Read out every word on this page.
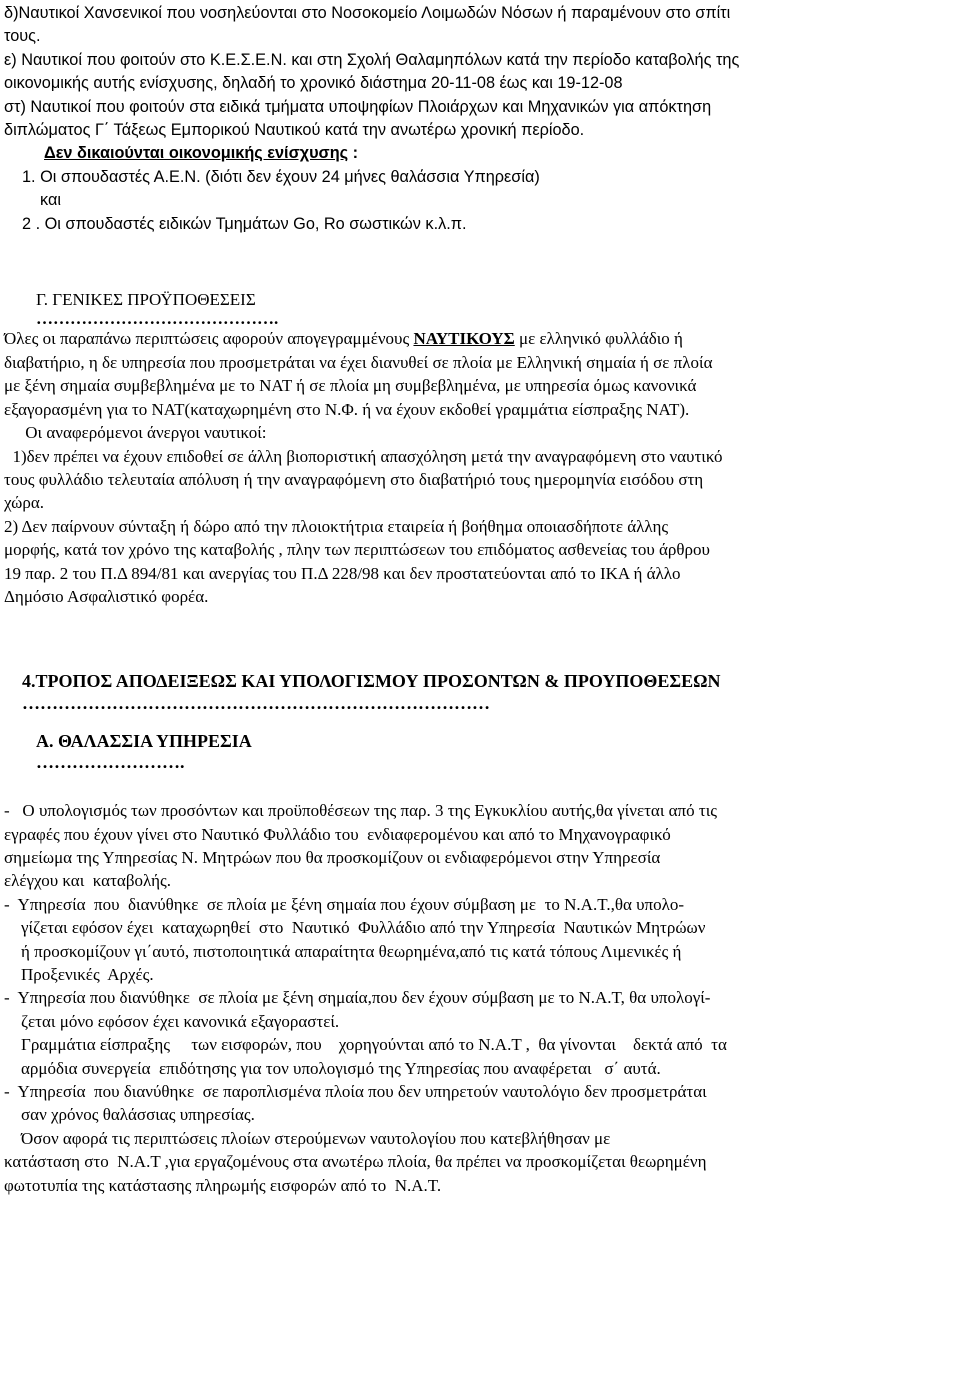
δ)Ναυτικοί Χανσενικοί που νοσηλεύονται στο Νοσοκομείο Λοιμωδών Νόσων ή παραμένουν στο σπίτι
τους.
ε) Ναυτικοί που φοιτούν στο Κ.Ε.Σ.Ε.Ν. και στη Σχολή Θαλαμηπόλων κατά την περίοδο καταβολής της
οικονομικής αυτής ενίσχυσης, δηλαδή το χρονικό διάστημα 20-11-08 έως και 19-12-08
στ) Ναυτικοί που φοιτούν στα ειδικά τμήματα υποψηφίων Πλοιάρχων και Μηχανικών για απόκτηση
διπλώματος Γ΄ Τάξεως Εμπορικού Ναυτικού κατά την ανωτέρω χρονική περίοδο.
Δεν δικαιούνται οικονομικής ενίσχυσης :
1. Οι σπουδαστές Α.Ε.Ν. (διότι δεν έχουν 24 μήνες θαλάσσια Υπηρεσία)
και
2 . Οι σπουδαστές ειδικών Τμημάτων Go, Ro σωστικών κ.λ.π.
Γ. ΓΕΝΙΚΕΣ ΠΡΟΫΠΟΘΕΣΕΙΣ
…………………………………….
Όλες οι παραπάνω περιπτώσεις αφορούν απογεγραμμένους ΝΑΥΤΙΚΟΥΣ με ελληνικό φυλλάδιο ή
διαβατήριο, η δε υπηρεσία που προσμετράται να έχει διανυθεί σε πλοία με Ελληνική σημαία ή σε πλοία
με ξένη σημαία συμβεβλημένα με το ΝΑΤ ή σε πλοία μη συμβεβλημένα, με υπηρεσία όμως κανονικά
εξαγορασμένη για το ΝΑΤ(καταχωρημένη στο Ν.Φ. ή να έχουν εκδοθεί γραμμάτια είσπραξης ΝΑΤ).
Οι αναφερόμενοι άνεργοι ναυτικοί:
1)δεν πρέπει να έχουν επιδοθεί σε άλλη βιοποριστική απασχόληση μετά την αναγραφόμενη στο ναυτικό
τους φυλλάδιο τελευταία απόλυση ή την αναγραφόμενη στο διαβατήριό τους ημερομηνία εισόδου στη
χώρα.
2) Δεν παίρνουν σύνταξη ή δώρο από την πλοιοκτήτρια εταιρεία ή βοήθημα οποιασδήποτε άλλης
μορφής, κατά τον χρόνο της καταβολής , πλην των περιπτώσεων του επιδόματος ασθενείας του άρθρου
19 παρ. 2 του Π.Δ 894/81 και ανεργίας του Π.Δ 228/98 και δεν προστατεύονται από το ΙΚΑ ή άλλο
Δημόσιο Ασφαλιστικό φορέα.
4.ΤΡΟΠΟΣ ΑΠΟΔΕΙΞΕΩΣ ΚΑΙ ΥΠΟΛΟΓΙΣΜΟΥ ΠΡΟΣΟΝΤΩΝ & ΠΡΟΥΠΟΘΕΣΕΩΝ
……………………………………………………………………
Α. ΘΑΛΑΣΣΙΑ ΥΠΗΡΕΣΙΑ
…………………….
-   Ο υπολογισμός των προσόντων και προϋποθέσεων της παρ. 3 της Εγκυκλίου αυτής,θα γίνεται από τις
εγραφές που έχουν γίνει στο Ναυτικό Φυλλάδιο του  ενδιαφερομένου και από το Μηχανογραφικό
σημείωμα της Υπηρεσίας Ν. Μητρώων που θα προσκομίζουν οι ενδιαφερόμενοι στην Υπηρεσία
ελέγχου και  καταβολής.
-  Υπηρεσία  που  διανύθηκε  σε πλοία με ξένη σημαία που έχουν σύμβαση με  το Ν.Α.Τ.,θα υπολο-
γίζεται εφόσον έχει  καταχωρηθεί  στο  Ναυτικό  Φυλλάδιο από την Υπηρεσία  Ναυτικών Μητρώων
ή προσκομίζουν γι΄αυτό, πιστοποιητικά απαραίτητα θεωρημένα,από τις κατά τόπους Λιμενικές ή
Προξενικές  Αρχές.
-  Υπηρεσία που διανύθηκε  σε πλοία με ξένη σημαία,που δεν έχουν σύμβαση με το Ν.Α.Τ, θα υπολογί-
ζεται μόνο εφόσον έχει κανονικά εξαγοραστεί.
Γραμμάτια είσπραξης     των εισφορών, που    χορηγούνται από το Ν.Α.Τ ,  θα γίνονται    δεκτά από  τα
αρμόδια συνεργεία  επιδότησης για τον υπολογισμό της Υπηρεσίας που αναφέρεται   σ΄ αυτά.
-  Υπηρεσία  που διανύθηκε  σε παροπλισμένα πλοία που δεν υπηρετούν ναυτολόγιο δεν προσμετράται
σαν χρόνος θαλάσσιας υπηρεσίας.
Όσον αφορά τις περιπτώσεις πλοίων στερούμενων ναυτολογίου που κατεβλήθησαν με
κατάσταση στο  Ν.Α.Τ ,για εργαζομένους στα ανωτέρω πλοία, θα πρέπει να προσκομίζεται θεωρημένη
φωτοτυπία της κατάστασης πληρωμής εισφορών από το  Ν.Α.Τ.
